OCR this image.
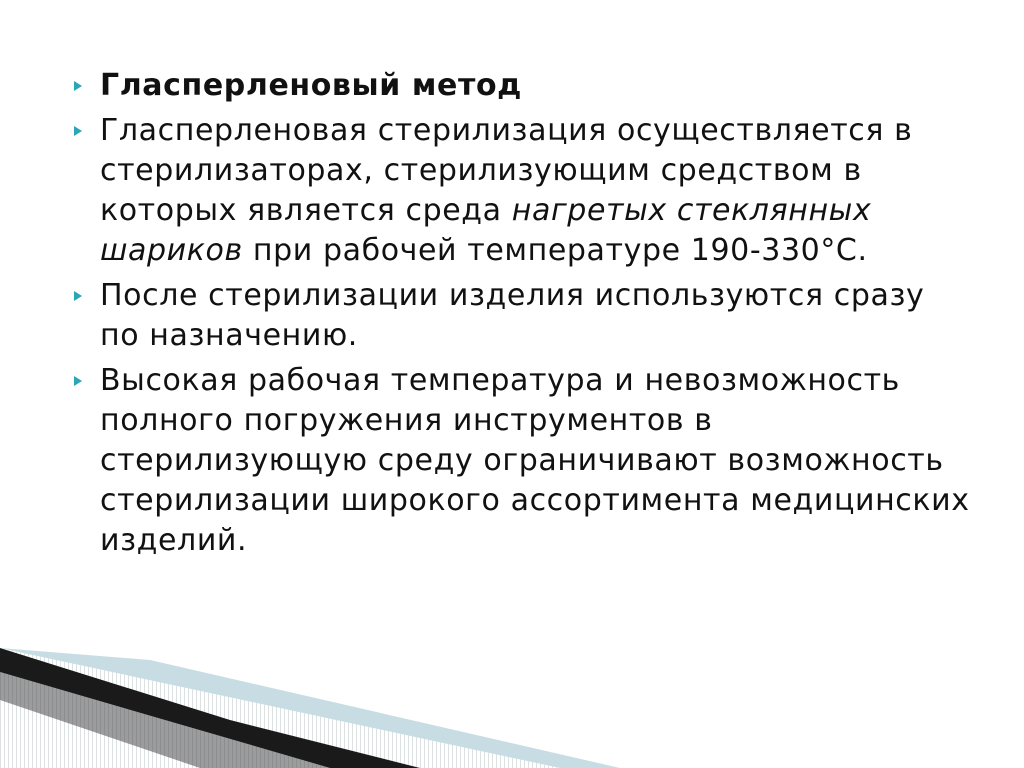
Гласперленовый метод
Гласперленовая стерилизация осуществляется в стерилизаторах, стерилизующим средством в которых является среда нагретых стеклянных шариков при рабочей температуре 190-330°С.
После стерилизации изделия используются сразу по назначению.
Высокая рабочая температура и невозможность полного погружения инструментов в стерилизующую среду ограничивают возможность стерилизации широкого ассортимента медицинских изделий.
